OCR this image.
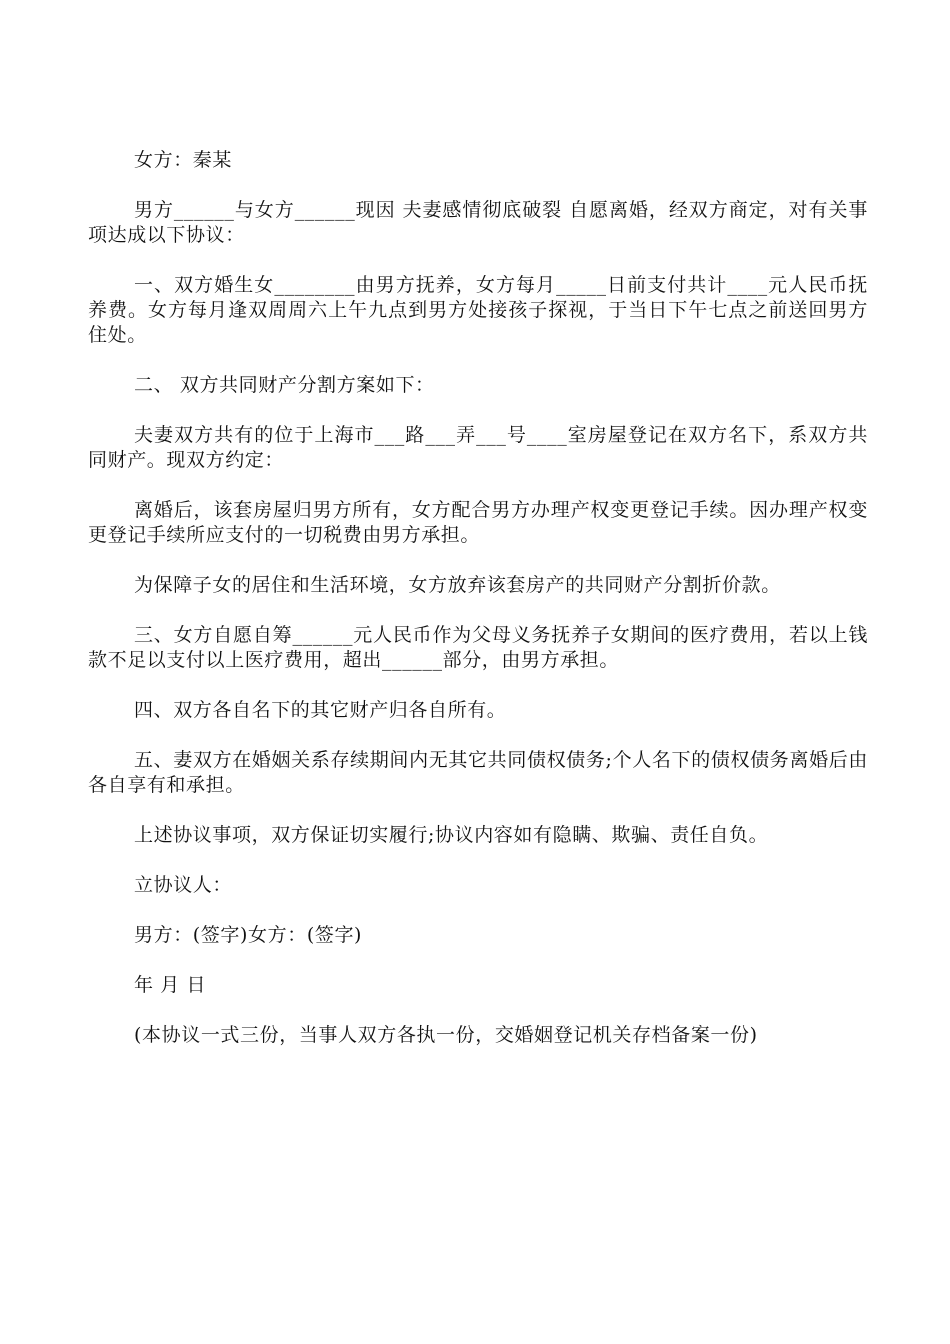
女方：秦某

男方______与女方______现因 夫妻感情彻底破裂 自愿离婚，经双方商定，对有关事项达成以下协议：

一、双方婚生女________由男方抚养，女方每月_____日前支付共计____元人民币抚养费。女方每月逢双周周六上午九点到男方处接孩子探视，于当日下午七点之前送回男方住处。

二、 双方共同财产分割方案如下：

夫妻双方共有的位于上海市___路___弄___号____室房屋登记在双方名下，系双方共同财产。现双方约定：

离婚后，该套房屋归男方所有，女方配合男方办理产权变更登记手续。因办理产权变更登记手续所应支付的一切税费由男方承担。

为保障子女的居住和生活环境，女方放弃该套房产的共同财产分割折价款。

三、女方自愿自筹______元人民币作为父母义务抚养子女期间的医疗费用，若以上钱款不足以支付以上医疗费用，超出______部分，由男方承担。

四、双方各自名下的其它财产归各自所有。

五、妻双方在婚姻关系存续期间内无其它共同债权债务;个人名下的债权债务离婚后由各自享有和承担。

上述协议事项，双方保证切实履行;协议内容如有隐瞒、欺骗、责任自负。

立协议人：

男方：(签字)女方：(签字)

年 月 日

(本协议一式三份，当事人双方各执一份，交婚姻登记机关存档备案一份)
